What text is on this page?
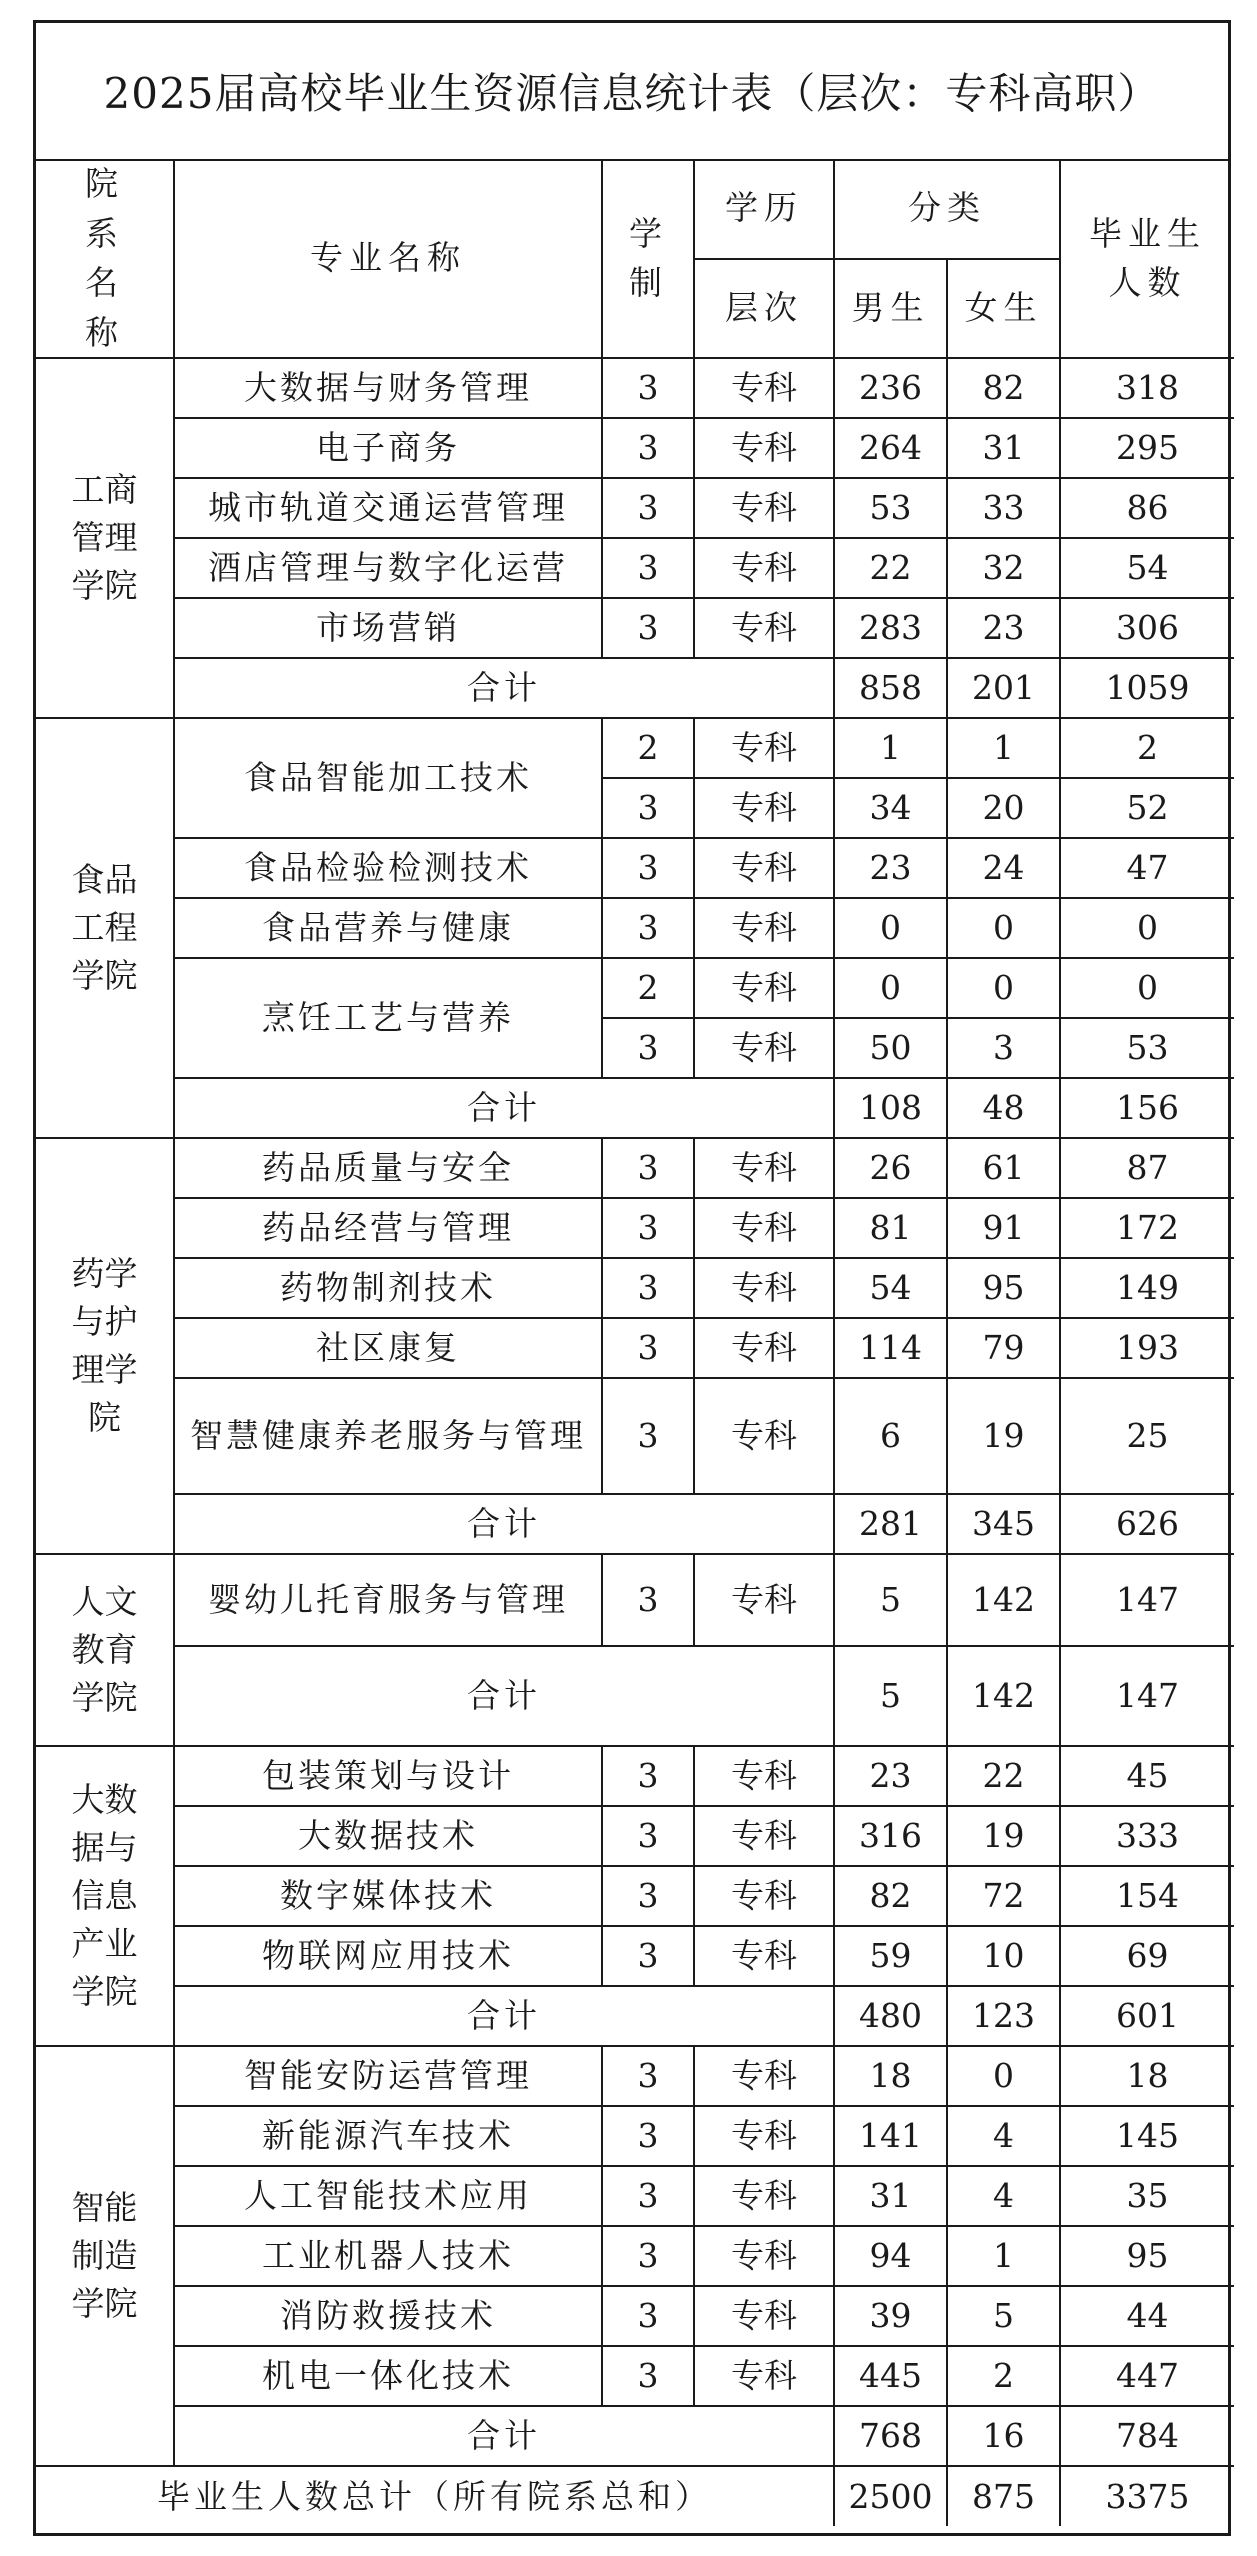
2025届高校毕业生资源信息统计表（层次：专科高职）
院系名称	专业名称	学制	学历	分类		毕业生人数

			层次	男生	女生	

工商管理学院	大数据与财务管理	3	专科	236	82	318
	电子商务	3	专科	264	31	295
	城市轨道交通运营管理	3	专科	53	33	86
	酒店管理与数字化运营	3	专科	22	32	54
	市场营销	3	专科	283	23	306
	合计			858	201	1059

食品工程学院	食品智能加工技术	2	专科	1	1	2
		3	专科	34	20	52
	食品检验检测技术	3	专科	23	24	47
	食品营养与健康	3	专科	0	0	0
	烹饪工艺与营养	2	专科	0	0	0
		3	专科	50	3	53
	合计			108	48	156

药学与护理学院	药品质量与安全	3	专科	26	61	87
	药品经营与管理	3	专科	81	91	172
	药物制剂技术	3	专科	54	95	149
	社区康复	3	专科	114	79	193
	智慧健康养老服务与管理	3	专科	6	19	25
	合计			281	345	626

人文教育学院	婴幼儿托育服务与管理	3	专科	5	142	147
	合计			5	142	147

大数据与信息产业学院	包装策划与设计	3	专科	23	22	45
	大数据技术	3	专科	316	19	333
	数字媒体技术	3	专科	82	72	154
	物联网应用技术	3	专科	59	10	69
	合计			480	123	601

智能制造学院	智能安防运营管理	3	专科	18	0	18
	新能源汽车技术	3	专科	141	4	145
	人工智能技术应用	3	专科	31	4	35
	工业机器人技术	3	专科	94	1	95
	消防救援技术	3	专科	39	5	44
	机电一体化技术	3	专科	445	2	447
	合计			768	16	784
毕业生人数总计（所有院系总和）				2500	875	3375
